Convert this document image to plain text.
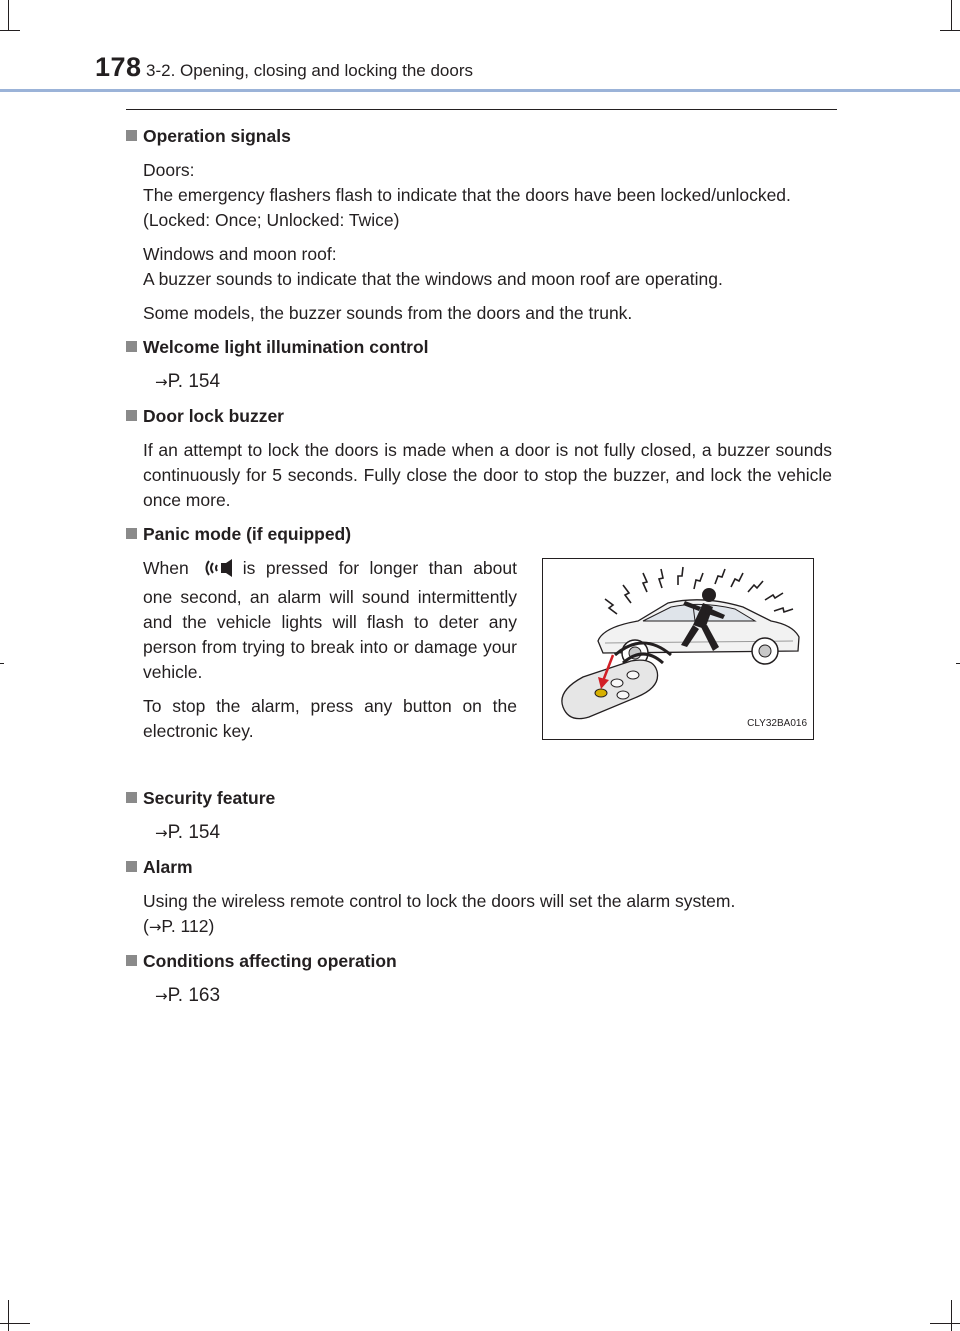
178 3-2. Opening, closing and locking the doors
Operation signals

Doors:

The emergency flashers flash to indicate that the doors have been locked/unlocked.

(Locked: Once; Unlocked: Twice)

Windows and moon roof:

A buzzer sounds to indicate that the windows and moon roof are operating.

Some models, the buzzer sounds from the doors and the trunk.

Welcome light illumination control
→P. 154
Door lock buzzer
If an attempt to lock the doors is made when a door is not fully closed, a buzzer sounds continuously for 5 seconds. Fully close the door to stop the buzzer, and lock the vehicle once more.
Panic mode (if equipped)

When	is pressed for longer than about one second, an alarm will sound intermittently and the vehicle lights will flash to deter any person from trying to break into or damage your vehicle.

To stop the alarm, press any button on the electronic key.	CLY32BA016
Security feature
→P. 154
Alarm

Using the wireless remote control to lock the doors will set the alarm system.

(→P. 112)

Conditions affecting operation
→P. 163
